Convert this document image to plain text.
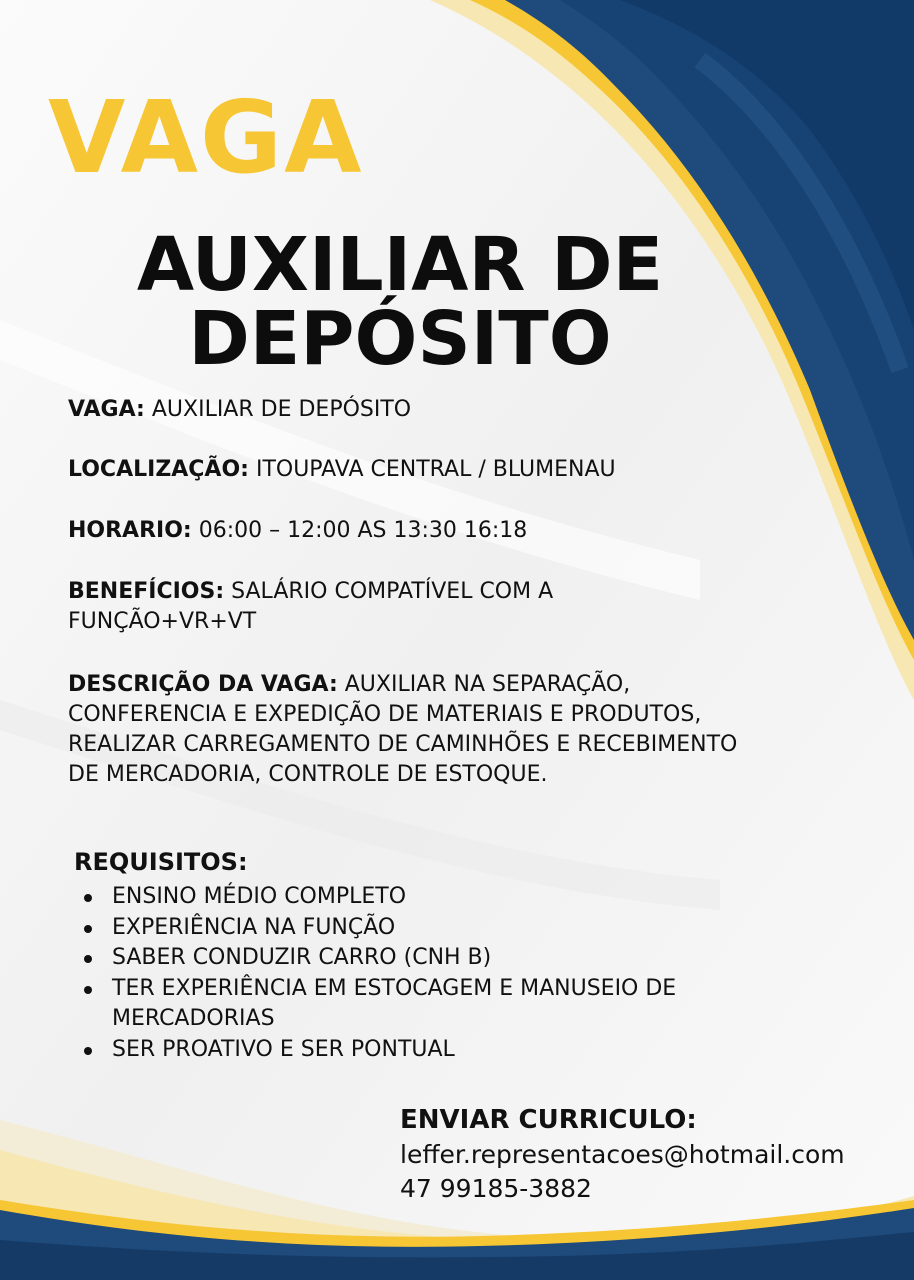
VAGA
AUXILIAR DE
DEPÓSITO

VAGA: AUXILIAR DE DEPÓSITO

LOCALIZAÇÃO: ITOUPAVA CENTRAL / BLUMENAU

HORARIO: 06:00 – 12:00 AS 13:30 16:18

BENEFÍCIOS: SALÁRIO COMPATÍVEL COM A FUNÇÃO+VR+VT

DESCRIÇÃO DA VAGA: AUXILIAR NA SEPARAÇÃO, CONFERENCIA E EXPEDIÇÃO DE MATERIAIS E PRODUTOS, REALIZAR CARREGAMENTO DE CAMINHÕES E RECEBIMENTO DE MERCADORIA, CONTROLE DE ESTOQUE.

REQUISITOS:

ENSINO MÉDIO COMPLETO
EXPERIÊNCIA NA FUNÇÃO
SABER CONDUZIR CARRO (CNH B)
TER EXPERIÊNCIA EM ESTOCAGEM E MANUSEIO DE MERCADORIAS
SER PROATIVO E SER PONTUAL

ENVIAR CURRICULO:

leffer.representacoes@hotmail.com

47 99185-3882
